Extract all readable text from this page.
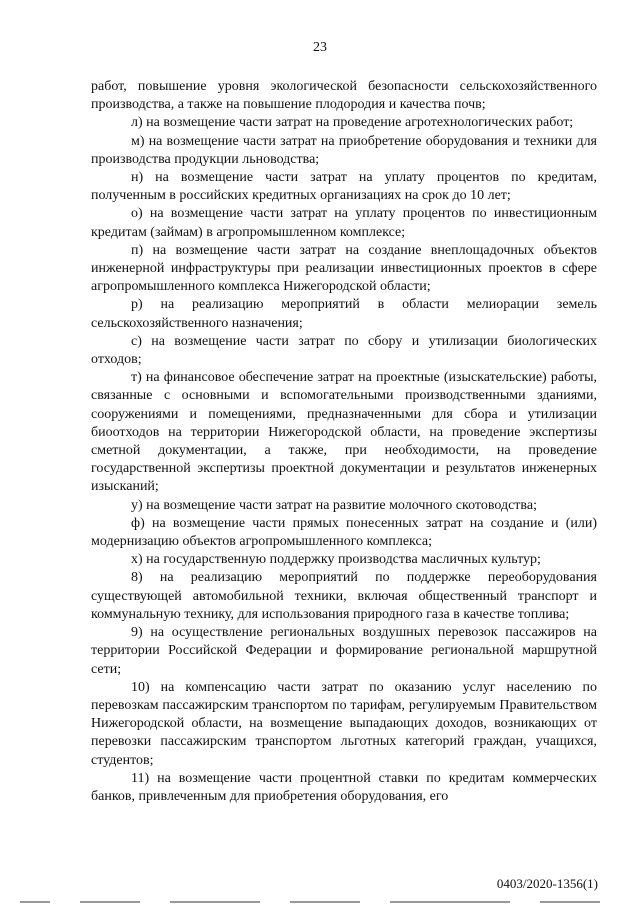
23

работ, повышение уровня экологической безопасности сельскохозяйственного производства, а также на повышение плодородия и качества почв;

л) на возмещение части затрат на проведение агротехнологических работ;

м) на возмещение части затрат на приобретение оборудования и техники для производства продукции льноводства;

н) на возмещение части затрат на уплату процентов по кредитам, полученным в российских кредитных организациях на срок до 10 лет;

о) на возмещение части затрат на уплату процентов по инвестиционным кредитам (займам) в агропромышленном комплексе;

п) на возмещение части затрат на создание внеплощадочных объектов инженерной инфраструктуры при реализации инвестиционных проектов в сфере агропромышленного комплекса Нижегородской области;

р) на реализацию мероприятий в области мелиорации земель сельскохозяйственного назначения;

с) на возмещение части затрат по сбору и утилизации биологических отходов;

т) на финансовое обеспечение затрат на проектные (изыскательские) работы, связанные с основными и вспомогательными производственными зданиями, сооружениями и помещениями, предназначенными для сбора и утилизации биоотходов на территории Нижегородской области, на проведение экспертизы сметной документации, а также, при необходимости, на проведение государственной экспертизы проектной документации и результатов инженерных изысканий;

у) на возмещение части затрат на развитие молочного скотоводства;

ф) на возмещение части прямых понесенных затрат на создание и (или) модернизацию объектов агропромышленного комплекса;

х) на государственную поддержку производства масличных культур;

8) на реализацию мероприятий по поддержке переоборудования существующей автомобильной техники, включая общественный транспорт и коммунальную технику, для использования природного газа в качестве топлива;

9) на осуществление региональных воздушных перевозок пассажиров на территории Российской Федерации и формирование региональной маршрутной сети;

10) на компенсацию части затрат по оказанию услуг населению по перевозкам пассажирским транспортом по тарифам, регулируемым Правительством Нижегородской области, на возмещение выпадающих доходов, возникающих от перевозки пассажирским транспортом льготных категорий граждан, учащихся, студентов;

11) на возмещение части процентной ставки по кредитам коммерческих банков, привлеченным для приобретения оборудования, его

0403/2020-1356(1)
